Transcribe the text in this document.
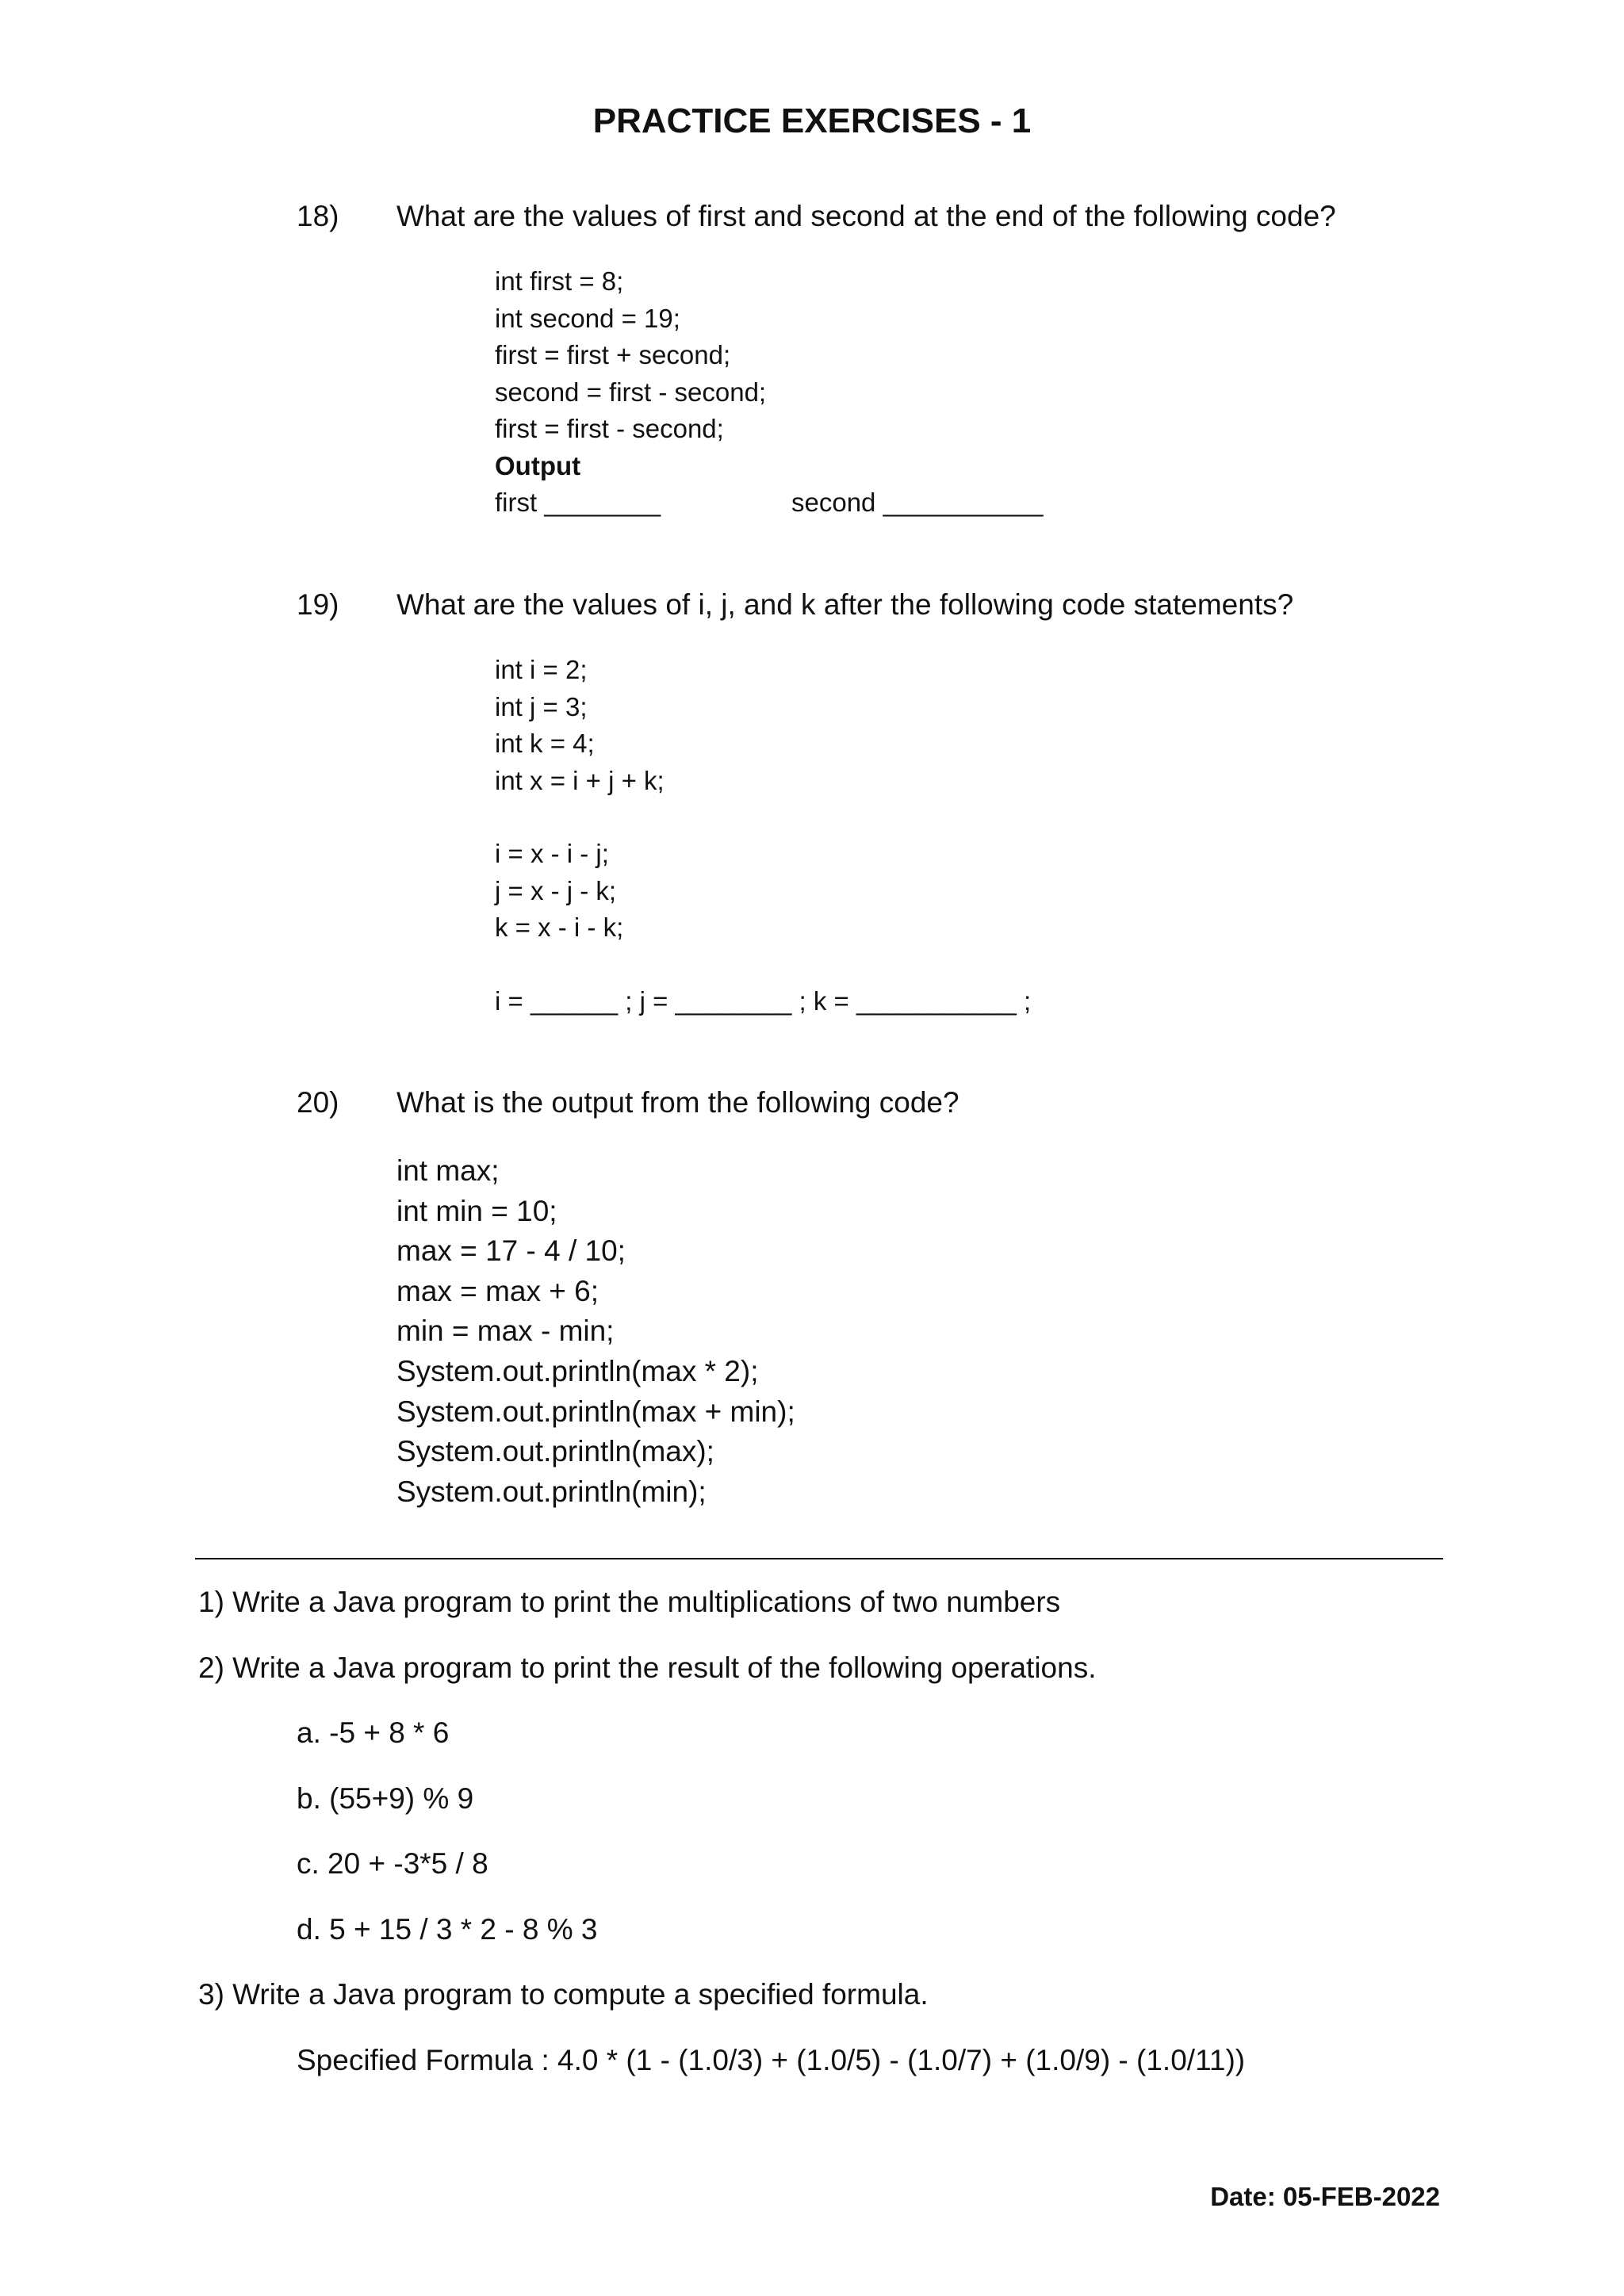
PRACTICE EXERCISES - 1
18) What are the values of first and second at the end of the following code?
int first = 8;
int second = 19;
first = first + second;
second = first - second;
first = first - second;
Output
first ________	second ___________
19) What are the values of i, j, and k after the following code statements?
int i = 2;
int j = 3;
int k = 4;
int x = i + j + k;
i = x - i - j;
j = x - j - k;
k = x - i - k;
i = ______ ; j = ________ ; k = ___________ ;
20) What is the output from the following code?
int max;
int min = 10;
max = 17 - 4 / 10;
max = max + 6;
min = max - min;
System.out.println(max * 2);
System.out.println(max + min);
System.out.println(max);
System.out.println(min);
1) Write a Java program to print the multiplications of two numbers
2) Write a Java program to print the result of the following operations.
a. -5 + 8 * 6
b. (55+9) % 9
c. 20 + -3*5 / 8
d. 5 + 15 / 3 * 2 - 8 % 3
3) Write a Java program to compute a specified formula.
Specified Formula : 4.0 * (1 - (1.0/3) + (1.0/5) - (1.0/7) + (1.0/9) - (1.0/11))
Date: 05-FEB-2022
